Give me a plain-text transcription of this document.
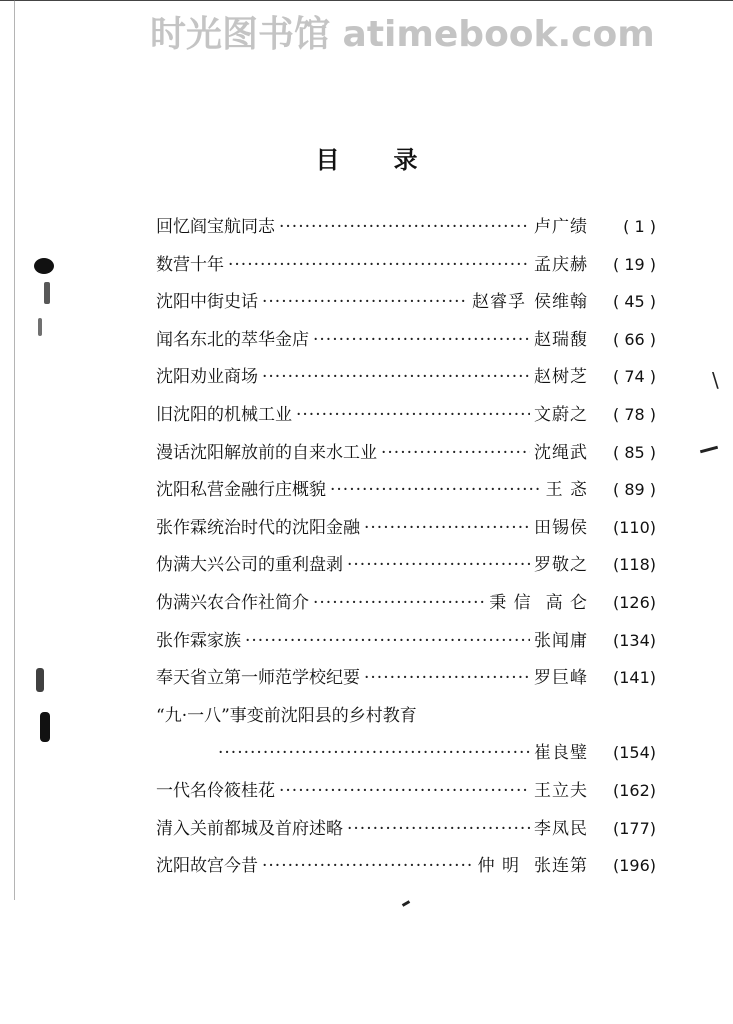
时光图书馆 atimebook.com
\
目录
回忆阎宝航同志 ·····	卢广绩	( 1 )
数营十年 ·····	孟庆赫	( 19 )
沈阳中街史话 ·····	赵睿孚 侯维翰	( 45 )
闻名东北的萃华金店 ·····	赵瑞馥	( 66 )
沈阳劝业商场 ·····	赵树芝	( 74 )
旧沈阳的机械工业 ·····	文蔚之	( 78 )
漫话沈阳解放前的自来水工业 ·····	沈绳武	( 85 )
沈阳私营金融行庄概貌 ·····	王 忞	( 89 )
张作霖统治时代的沈阳金融 ·····	田锡侯	(110)
伪满大兴公司的重利盘剥 ·····	罗敬之	(118)
伪满兴农合作社简介 ·····	秉 信 高 仑	(126)
张作霖家族 ·····	张闻庸	(134)
奉天省立第一师范学校纪要 ·····	罗巨峰	(141)
“九·一八”事变前沈阳县的乡村教育
·····
崔良璧	(154)
一代名伶筱桂花 ·····	王立夫	(162)
清入关前都城及首府述略 ·····	李凤民	(177)
沈阳故宫今昔 ·····	仲 明 张连第	(196)
